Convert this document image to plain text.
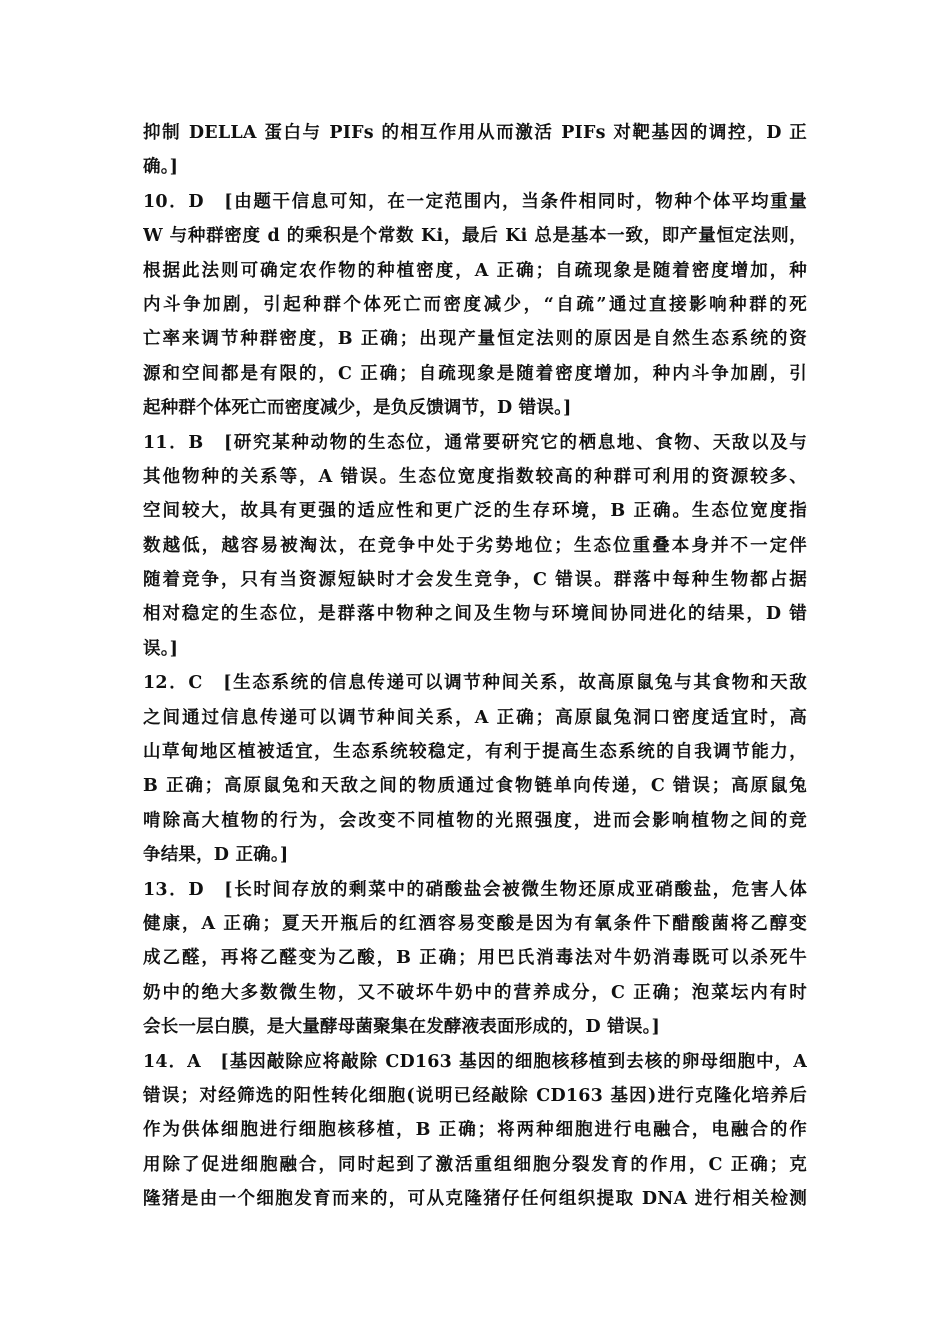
抑制 DELLA 蛋白与 PIFs 的相互作用从而激活 PIFs 对靶基因的调控，D 正
确。]
10．D　[由题干信息可知，在一定范围内，当条件相同时，物种个体平均重量
W 与种群密度 d 的乘积是个常数 Ki，最后 Ki 总是基本一致，即产量恒定法则，
根据此法则可确定农作物的种植密度，A 正确；自疏现象是随着密度增加，种
内斗争加剧，引起种群个体死亡而密度减少，“自疏”通过直接影响种群的死
亡率来调节种群密度，B 正确；出现产量恒定法则的原因是自然生态系统的资
源和空间都是有限的，C 正确；自疏现象是随着密度增加，种内斗争加剧，引
起种群个体死亡而密度减少，是负反馈调节，D 错误。]
11．B　[研究某种动物的生态位，通常要研究它的栖息地、食物、天敌以及与
其他物种的关系等，A 错误。生态位宽度指数较高的种群可利用的资源较多、
空间较大，故具有更强的适应性和更广泛的生存环境，B 正确。生态位宽度指
数越低，越容易被淘汰，在竞争中处于劣势地位；生态位重叠本身并不一定伴
随着竞争，只有当资源短缺时才会发生竞争，C 错误。群落中每种生物都占据
相对稳定的生态位，是群落中物种之间及生物与环境间协同进化的结果，D 错
误。]
12．C　[生态系统的信息传递可以调节种间关系，故高原鼠兔与其食物和天敌
之间通过信息传递可以调节种间关系，A 正确；高原鼠兔洞口密度适宜时，高
山草甸地区植被适宜，生态系统较稳定，有利于提高生态系统的自我调节能力，
B 正确；高原鼠兔和天敌之间的物质通过食物链单向传递，C 错误；高原鼠兔
啃除高大植物的行为，会改变不同植物的光照强度，进而会影响植物之间的竞
争结果，D 正确。]
13．D　[长时间存放的剩菜中的硝酸盐会被微生物还原成亚硝酸盐，危害人体
健康，A 正确；夏天开瓶后的红酒容易变酸是因为有氧条件下醋酸菌将乙醇变
成乙醛，再将乙醛变为乙酸，B 正确；用巴氏消毒法对牛奶消毒既可以杀死牛
奶中的绝大多数微生物，又不破坏牛奶中的营养成分，C 正确；泡菜坛内有时
会长一层白膜，是大量酵母菌聚集在发酵液表面形成的，D 错误。]
14．A　[基因敲除应将敲除 CD163 基因的细胞核移植到去核的卵母细胞中，A
错误；对经筛选的阳性转化细胞(说明已经敲除 CD163 基因)进行克隆化培养后
作为供体细胞进行细胞核移植，B 正确；将两种细胞进行电融合，电融合的作
用除了促进细胞融合，同时起到了激活重组细胞分裂发育的作用，C 正确；克
隆猪是由一个细胞发育而来的，可从克隆猪仔任何组织提取 DNA 进行相关检测
